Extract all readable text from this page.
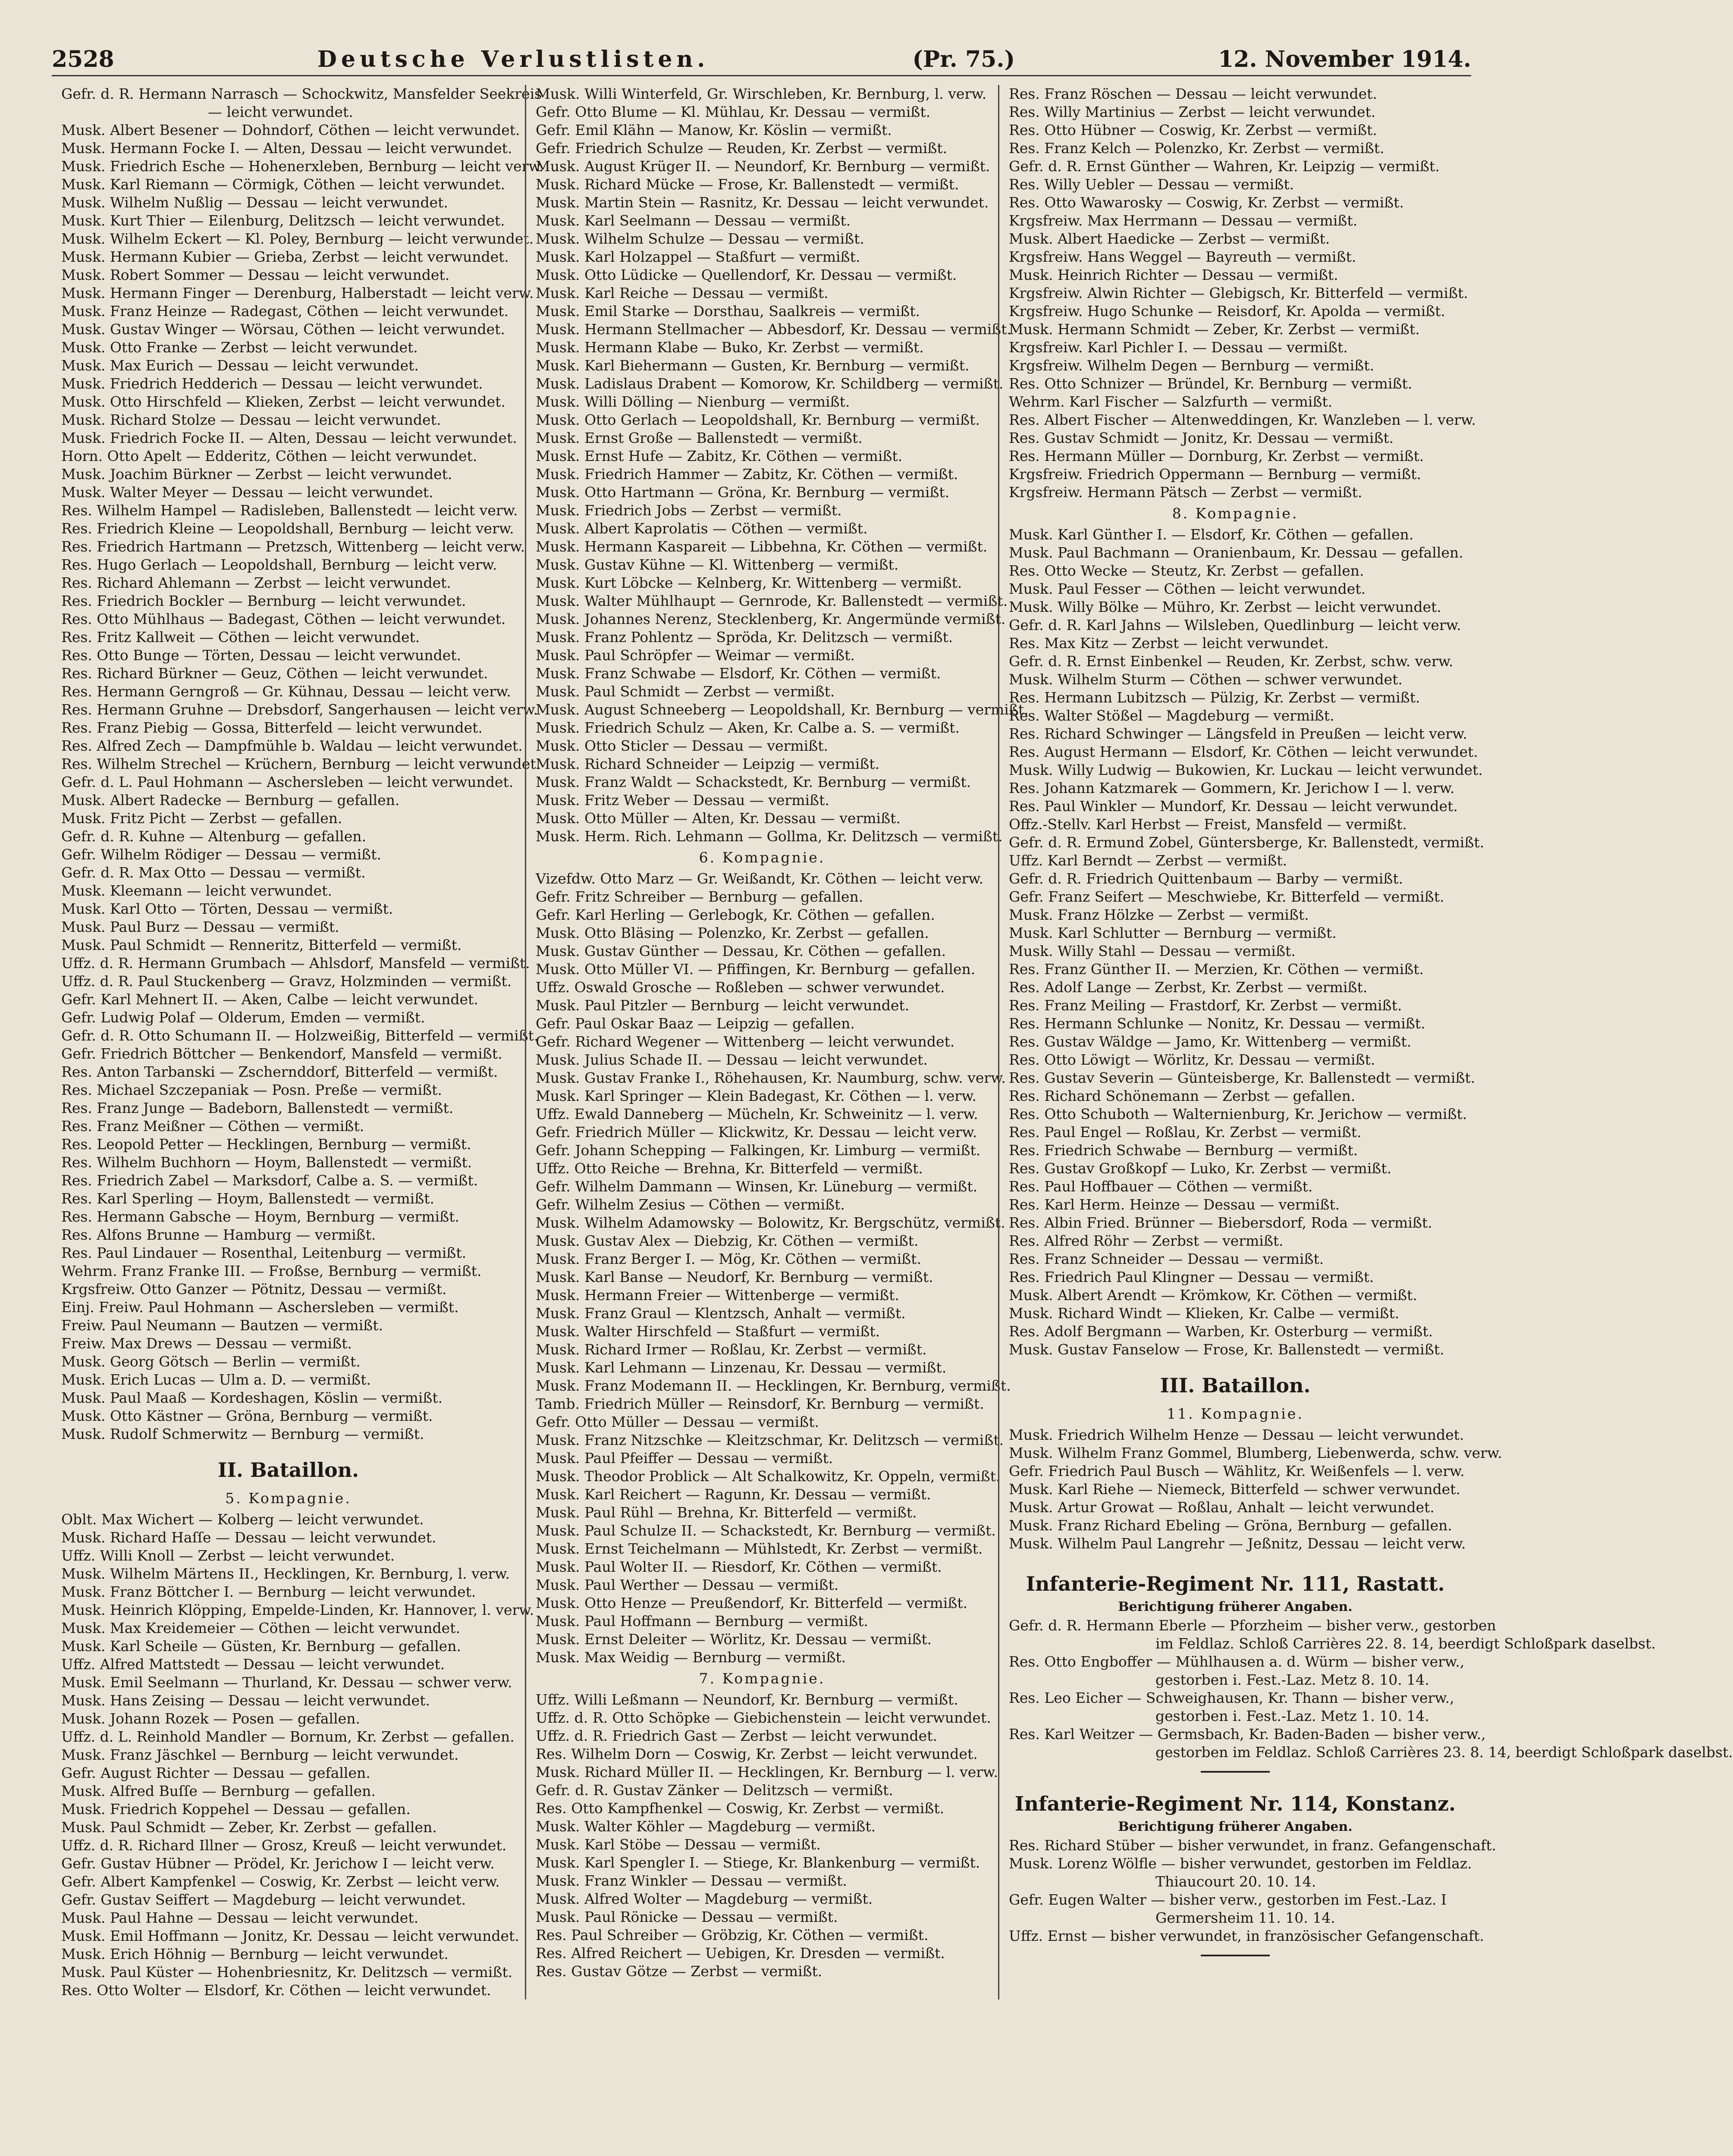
2528	Deutsche Verlustlisten.	(Pr. 75.)	12. November 1914.
Gefr. d. R. Hermann Narrasch — Schockwitz, Mansfelder Seekreis
— leicht verwundet.
Musk. Albert Besener — Dohndorf, Cöthen — leicht verwundet.
Musk. Hermann Focke I. — Alten, Dessau — leicht verwundet.
Musk. Friedrich Esche — Hohenerxleben, Bernburg — leicht verw.
Musk. Karl Riemann — Cörmigk, Cöthen — leicht verwundet.
Musk. Wilhelm Nußlig — Dessau — leicht verwundet.
Musk. Kurt Thier — Eilenburg, Delitzsch — leicht verwundet.
Musk. Wilhelm Eckert — Kl. Poley, Bernburg — leicht verwundet.
Musk. Hermann Kubier — Grieba, Zerbst — leicht verwundet.
Musk. Robert Sommer — Dessau — leicht verwundet.
Musk. Hermann Finger — Derenburg, Halberstadt — leicht verw.
Musk. Franz Heinze — Radegast, Cöthen — leicht verwundet.
Musk. Gustav Winger — Wörsau, Cöthen — leicht verwundet.
Musk. Otto Franke — Zerbst — leicht verwundet.
Musk. Max Eurich — Dessau — leicht verwundet.
Musk. Friedrich Hedderich — Dessau — leicht verwundet.
Musk. Otto Hirschfeld — Klieken, Zerbst — leicht verwundet.
Musk. Richard Stolze — Dessau — leicht verwundet.
Musk. Friedrich Focke II. — Alten, Dessau — leicht verwundet.
Horn. Otto Apelt — Edderitz, Cöthen — leicht verwundet.
Musk. Joachim Bürkner — Zerbst — leicht verwundet.
Musk. Walter Meyer — Dessau — leicht verwundet.
Res. Wilhelm Hampel — Radisleben, Ballenstedt — leicht verw.
Res. Friedrich Kleine — Leopoldshall, Bernburg — leicht verw.
Res. Friedrich Hartmann — Pretzsch, Wittenberg — leicht verw.
Res. Hugo Gerlach — Leopoldshall, Bernburg — leicht verw.
Res. Richard Ahlemann — Zerbst — leicht verwundet.
Res. Friedrich Bockler — Bernburg — leicht verwundet.
Res. Otto Mühlhaus — Badegast, Cöthen — leicht verwundet.
Res. Fritz Kallweit — Cöthen — leicht verwundet.
Res. Otto Bunge — Törten, Dessau — leicht verwundet.
Res. Richard Bürkner — Geuz, Cöthen — leicht verwundet.
Res. Hermann Gerngroß — Gr. Kühnau, Dessau — leicht verw.
Res. Hermann Gruhne — Drebsdorf, Sangerhausen — leicht verw.
Res. Franz Piebig — Gossa, Bitterfeld — leicht verwundet.
Res. Alfred Zech — Dampfmühle b. Waldau — leicht verwundet.
Res. Wilhelm Strechel — Krüchern, Bernburg — leicht verwundet.
Gefr. d. L. Paul Hohmann — Aschersleben — leicht verwundet.
Musk. Albert Radecke — Bernburg — gefallen.
Musk. Fritz Picht — Zerbst — gefallen.
Gefr. d. R. Kuhne — Altenburg — gefallen.
Gefr. Wilhelm Rödiger — Dessau — vermißt.
Gefr. d. R. Max Otto — Dessau — vermißt.
Musk. Kleemann — leicht verwundet.
Musk. Karl Otto — Törten, Dessau — vermißt.
Musk. Paul Burz — Dessau — vermißt.
Musk. Paul Schmidt — Renneritz, Bitterfeld — vermißt.
Uffz. d. R. Hermann Grumbach — Ahlsdorf, Mansfeld — vermißt.
Uffz. d. R. Paul Stuckenberg — Gravz, Holzminden — vermißt.
Gefr. Karl Mehnert II. — Aken, Calbe — leicht verwundet.
Gefr. Ludwig Polaf — Olderum, Emden — vermißt.
Gefr. d. R. Otto Schumann II. — Holzweißig, Bitterfeld — vermißt.
Gefr. Friedrich Böttcher — Benkendorf, Mansfeld — vermißt.
Res. Anton Tarbanski — Zschernddorf, Bitterfeld — vermißt.
Res. Michael Szczepaniak — Posn. Preße — vermißt.
Res. Franz Junge — Badeborn, Ballenstedt — vermißt.
Res. Franz Meißner — Cöthen — vermißt.
Res. Leopold Petter — Hecklingen, Bernburg — vermißt.
Res. Wilhelm Buchhorn — Hoym, Ballenstedt — vermißt.
Res. Friedrich Zabel — Marksdorf, Calbe a. S. — vermißt.
Res. Karl Sperling — Hoym, Ballenstedt — vermißt.
Res. Hermann Gabsche — Hoym, Bernburg — vermißt.
Res. Alfons Brunne — Hamburg — vermißt.
Res. Paul Lindauer — Rosenthal, Leitenburg — vermißt.
Wehrm. Franz Franke III. — Froßse, Bernburg — vermißt.
Krgsfreiw. Otto Ganzer — Pötnitz, Dessau — vermißt.
Einj. Freiw. Paul Hohmann — Aschersleben — vermißt.
Freiw. Paul Neumann — Bautzen — vermißt.
Freiw. Max Drews — Dessau — vermißt.
Musk. Georg Götsch — Berlin — vermißt.
Musk. Erich Lucas — Ulm a. D. — vermißt.
Musk. Paul Maaß — Kordeshagen, Köslin — vermißt.
Musk. Otto Kästner — Gröna, Bernburg — vermißt.
Musk. Rudolf Schmerwitz — Bernburg — vermißt.
II. Bataillon.
5. Kompagnie.
Oblt. Max Wichert — Kolberg — leicht verwundet.
Musk. Richard Haſſe — Dessau — leicht verwundet.
Uffz. Willi Knoll — Zerbst — leicht verwundet.
Musk. Wilhelm Märtens II., Hecklingen, Kr. Bernburg, l. verw.
Musk. Franz Böttcher I. — Bernburg — leicht verwundet.
Musk. Heinrich Klöpping, Empelde-Linden, Kr. Hannover, l. verw.
Musk. Max Kreidemeier — Cöthen — leicht verwundet.
Musk. Karl Scheile — Güsten, Kr. Bernburg — gefallen.
Uffz. Alfred Mattstedt — Dessau — leicht verwundet.
Musk. Emil Seelmann — Thurland, Kr. Dessau — schwer verw.
Musk. Hans Zeising — Dessau — leicht verwundet.
Musk. Johann Rozek — Posen — gefallen.
Uffz. d. L. Reinhold Mandler — Bornum, Kr. Zerbst — gefallen.
Musk. Franz Jäschkel — Bernburg — leicht verwundet.
Gefr. August Richter — Dessau — gefallen.
Musk. Alfred Buſſe — Bernburg — gefallen.
Musk. Friedrich Koppehel — Dessau — gefallen.
Musk. Paul Schmidt — Zeber, Kr. Zerbst — gefallen.
Uffz. d. R. Richard Illner — Grosz, Kreuß — leicht verwundet.
Gefr. Gustav Hübner — Prödel, Kr. Jerichow I — leicht verw.
Gefr. Albert Kampfenkel — Coswig, Kr. Zerbst — leicht verw.
Gefr. Gustav Seiffert — Magdeburg — leicht verwundet.
Musk. Paul Hahne — Dessau — leicht verwundet.
Musk. Emil Hoffmann — Jonitz, Kr. Dessau — leicht verwundet.
Musk. Erich Höhnig — Bernburg — leicht verwundet.
Musk. Paul Küster — Hohenbriesnitz, Kr. Delitzsch — vermißt.
Res. Otto Wolter — Elsdorf, Kr. Cöthen — leicht verwundet.
Musk. Willi Winterfeld, Gr. Wirschleben, Kr. Bernburg, l. verw.
Gefr. Otto Blume — Kl. Mühlau, Kr. Dessau — vermißt.
Gefr. Emil Klähn — Manow, Kr. Köslin — vermißt.
Gefr. Friedrich Schulze — Reuden, Kr. Zerbst — vermißt.
Musk. August Krüger II. — Neundorf, Kr. Bernburg — vermißt.
Musk. Richard Mücke — Frose, Kr. Ballenstedt — vermißt.
Musk. Martin Stein — Rasnitz, Kr. Dessau — leicht verwundet.
Musk. Karl Seelmann — Dessau — vermißt.
Musk. Wilhelm Schulze — Dessau — vermißt.
Musk. Karl Holzappel — Staßfurt — vermißt.
Musk. Otto Lüdicke — Quellendorf, Kr. Dessau — vermißt.
Musk. Karl Reiche — Dessau — vermißt.
Musk. Emil Starke — Dorsthau, Saalkreis — vermißt.
Musk. Hermann Stellmacher — Abbesdorf, Kr. Dessau — vermißt.
Musk. Hermann Klabe — Buko, Kr. Zerbst — vermißt.
Musk. Karl Biehermann — Gusten, Kr. Bernburg — vermißt.
Musk. Ladislaus Drabent — Komorow, Kr. Schildberg — vermißt.
Musk. Willi Dölling — Nienburg — vermißt.
Musk. Otto Gerlach — Leopoldshall, Kr. Bernburg — vermißt.
Musk. Ernst Große — Ballenstedt — vermißt.
Musk. Ernst Hufe — Zabitz, Kr. Cöthen — vermißt.
Musk. Friedrich Hammer — Zabitz, Kr. Cöthen — vermißt.
Musk. Otto Hartmann — Gröna, Kr. Bernburg — vermißt.
Musk. Friedrich Jobs — Zerbst — vermißt.
Musk. Albert Kaprolatis — Cöthen — vermißt.
Musk. Hermann Kaspareit — Libbehna, Kr. Cöthen — vermißt.
Musk. Gustav Kühne — Kl. Wittenberg — vermißt.
Musk. Kurt Löbcke — Kelnberg, Kr. Wittenberg — vermißt.
Musk. Walter Mühlhaupt — Gernrode, Kr. Ballenstedt — vermißt.
Musk. Johannes Nerenz, Stecklenberg, Kr. Angermünde vermißt.
Musk. Franz Pohlentz — Spröda, Kr. Delitzsch — vermißt.
Musk. Paul Schröpfer — Weimar — vermißt.
Musk. Franz Schwabe — Elsdorf, Kr. Cöthen — vermißt.
Musk. Paul Schmidt — Zerbst — vermißt.
Musk. August Schneeberg — Leopoldshall, Kr. Bernburg — vermißt.
Musk. Friedrich Schulz — Aken, Kr. Calbe a. S. — vermißt.
Musk. Otto Sticler — Dessau — vermißt.
Musk. Richard Schneider — Leipzig — vermißt.
Musk. Franz Waldt — Schackstedt, Kr. Bernburg — vermißt.
Musk. Fritz Weber — Dessau — vermißt.
Musk. Otto Müller — Alten, Kr. Dessau — vermißt.
Musk. Herm. Rich. Lehmann — Gollma, Kr. Delitzsch — vermißt.
6. Kompagnie.
Vizefdw. Otto Marz — Gr. Weißandt, Kr. Cöthen — leicht verw.
Gefr. Fritz Schreiber — Bernburg — gefallen.
Gefr. Karl Herling — Gerlebogk, Kr. Cöthen — gefallen.
Musk. Otto Bläsing — Polenzko, Kr. Zerbst — gefallen.
Musk. Gustav Günther — Dessau, Kr. Cöthen — gefallen.
Musk. Otto Müller VI. — Pfiffingen, Kr. Bernburg — gefallen.
Uffz. Oswald Grosche — Roßleben — schwer verwundet.
Musk. Paul Pitzler — Bernburg — leicht verwundet.
Gefr. Paul Oskar Baaz — Leipzig — gefallen.
Gefr. Richard Wegener — Wittenberg — leicht verwundet.
Musk. Julius Schade II. — Dessau — leicht verwundet.
Musk. Gustav Franke I., Röhehausen, Kr. Naumburg, schw. verw.
Musk. Karl Springer — Klein Badegast, Kr. Cöthen — l. verw.
Uffz. Ewald Danneberg — Mücheln, Kr. Schweinitz — l. verw.
Gefr. Friedrich Müller — Klickwitz, Kr. Dessau — leicht verw.
Gefr. Johann Schepping — Falkingen, Kr. Limburg — vermißt.
Uffz. Otto Reiche — Brehna, Kr. Bitterfeld — vermißt.
Gefr. Wilhelm Dammann — Winsen, Kr. Lüneburg — vermißt.
Gefr. Wilhelm Zesius — Cöthen — vermißt.
Musk. Wilhelm Adamowsky — Bolowitz, Kr. Bergschütz, vermißt.
Musk. Gustav Alex — Diebzig, Kr. Cöthen — vermißt.
Musk. Franz Berger I. — Mög, Kr. Cöthen — vermißt.
Musk. Karl Banse — Neudorf, Kr. Bernburg — vermißt.
Musk. Hermann Freier — Wittenberge — vermißt.
Musk. Franz Graul — Klentzsch, Anhalt — vermißt.
Musk. Walter Hirschfeld — Staßfurt — vermißt.
Musk. Richard Irmer — Roßlau, Kr. Zerbst — vermißt.
Musk. Karl Lehmann — Linzenau, Kr. Dessau — vermißt.
Musk. Franz Modemann II. — Hecklingen, Kr. Bernburg, vermißt.
Tamb. Friedrich Müller — Reinsdorf, Kr. Bernburg — vermißt.
Gefr. Otto Müller — Dessau — vermißt.
Musk. Franz Nitzschke — Kleitzschmar, Kr. Delitzsch — vermißt.
Musk. Paul Pfeiffer — Dessau — vermißt.
Musk. Theodor Problick — Alt Schalkowitz, Kr. Oppeln, vermißt.
Musk. Karl Reichert — Ragunn, Kr. Dessau — vermißt.
Musk. Paul Rühl — Brehna, Kr. Bitterfeld — vermißt.
Musk. Paul Schulze II. — Schackstedt, Kr. Bernburg — vermißt.
Musk. Ernst Teichelmann — Mühlstedt, Kr. Zerbst — vermißt.
Musk. Paul Wolter II. — Riesdorf, Kr. Cöthen — vermißt.
Musk. Paul Werther — Dessau — vermißt.
Musk. Otto Henze — Preußendorf, Kr. Bitterfeld — vermißt.
Musk. Paul Hoffmann — Bernburg — vermißt.
Musk. Ernst Deleiter — Wörlitz, Kr. Dessau — vermißt.
Musk. Max Weidig — Bernburg — vermißt.
7. Kompagnie.
Uffz. Willi Leßmann — Neundorf, Kr. Bernburg — vermißt.
Uffz. d. R. Otto Schöpke — Giebichenstein — leicht verwundet.
Uffz. d. R. Friedrich Gast — Zerbst — leicht verwundet.
Res. Wilhelm Dorn — Coswig, Kr. Zerbst — leicht verwundet.
Musk. Richard Müller II. — Hecklingen, Kr. Bernburg — l. verw.
Gefr. d. R. Gustav Zänker — Delitzsch — vermißt.
Res. Otto Kampfhenkel — Coswig, Kr. Zerbst — vermißt.
Musk. Walter Köhler — Magdeburg — vermißt.
Musk. Karl Stöbe — Dessau — vermißt.
Musk. Karl Spengler I. — Stiege, Kr. Blankenburg — vermißt.
Musk. Franz Winkler — Dessau — vermißt.
Musk. Alfred Wolter — Magdeburg — vermißt.
Musk. Paul Rönicke — Dessau — vermißt.
Res. Paul Schreiber — Gröbzig, Kr. Cöthen — vermißt.
Res. Alfred Reichert — Uebigen, Kr. Dresden — vermißt.
Res. Gustav Götze — Zerbst — vermißt.
Res. Franz Röschen — Dessau — leicht verwundet.
Res. Willy Martinius — Zerbst — leicht verwundet.
Res. Otto Hübner — Coswig, Kr. Zerbst — vermißt.
Res. Franz Kelch — Polenzko, Kr. Zerbst — vermißt.
Gefr. d. R. Ernst Günther — Wahren, Kr. Leipzig — vermißt.
Res. Willy Uebler — Dessau — vermißt.
Res. Otto Wawarosky — Coswig, Kr. Zerbst — vermißt.
Krgsfreiw. Max Herrmann — Dessau — vermißt.
Musk. Albert Haedicke — Zerbst — vermißt.
Krgsfreiw. Hans Weggel — Bayreuth — vermißt.
Musk. Heinrich Richter — Dessau — vermißt.
Krgsfreiw. Alwin Richter — Glebigsch, Kr. Bitterfeld — vermißt.
Krgsfreiw. Hugo Schunke — Reisdorf, Kr. Apolda — vermißt.
Musk. Hermann Schmidt — Zeber, Kr. Zerbst — vermißt.
Krgsfreiw. Karl Pichler I. — Dessau — vermißt.
Krgsfreiw. Wilhelm Degen — Bernburg — vermißt.
Res. Otto Schnizer — Bründel, Kr. Bernburg — vermißt.
Wehrm. Karl Fischer — Salzfurth — vermißt.
Res. Albert Fischer — Altenweddingen, Kr. Wanzleben — l. verw.
Res. Gustav Schmidt — Jonitz, Kr. Dessau — vermißt.
Res. Hermann Müller — Dornburg, Kr. Zerbst — vermißt.
Krgsfreiw. Friedrich Oppermann — Bernburg — vermißt.
Krgsfreiw. Hermann Pätsch — Zerbst — vermißt.
8. Kompagnie.
Musk. Karl Günther I. — Elsdorf, Kr. Cöthen — gefallen.
Musk. Paul Bachmann — Oranienbaum, Kr. Dessau — gefallen.
Res. Otto Wecke — Steutz, Kr. Zerbst — gefallen.
Musk. Paul Fesser — Cöthen — leicht verwundet.
Musk. Willy Bölke — Mühro, Kr. Zerbst — leicht verwundet.
Gefr. d. R. Karl Jahns — Wilsleben, Quedlinburg — leicht verw.
Res. Max Kitz — Zerbst — leicht verwundet.
Gefr. d. R. Ernst Einbenkel — Reuden, Kr. Zerbst, schw. verw.
Musk. Wilhelm Sturm — Cöthen — schwer verwundet.
Res. Hermann Lubitzsch — Pülzig, Kr. Zerbst — vermißt.
Res. Walter Stößel — Magdeburg — vermißt.
Res. Richard Schwinger — Längsfeld in Preußen — leicht verw.
Res. August Hermann — Elsdorf, Kr. Cöthen — leicht verwundet.
Musk. Willy Ludwig — Bukowien, Kr. Luckau — leicht verwundet.
Res. Johann Katzmarek — Gommern, Kr. Jerichow I — l. verw.
Res. Paul Winkler — Mundorf, Kr. Dessau — leicht verwundet.
Offz.-Stellv. Karl Herbst — Freist, Mansfeld — vermißt.
Gefr. d. R. Ermund Zobel, Güntersberge, Kr. Ballenstedt, vermißt.
Uffz. Karl Berndt — Zerbst — vermißt.
Gefr. d. R. Friedrich Quittenbaum — Barby — vermißt.
Gefr. Franz Seifert — Meschwiebe, Kr. Bitterfeld — vermißt.
Musk. Franz Hölzke — Zerbst — vermißt.
Musk. Karl Schlutter — Bernburg — vermißt.
Musk. Willy Stahl — Dessau — vermißt.
Res. Franz Günther II. — Merzien, Kr. Cöthen — vermißt.
Res. Adolf Lange — Zerbst, Kr. Zerbst — vermißt.
Res. Franz Meiling — Frastdorf, Kr. Zerbst — vermißt.
Res. Hermann Schlunke — Nonitz, Kr. Dessau — vermißt.
Res. Gustav Wäldge — Jamo, Kr. Wittenberg — vermißt.
Res. Otto Löwigt — Wörlitz, Kr. Dessau — vermißt.
Res. Gustav Severin — Günteisberge, Kr. Ballenstedt — vermißt.
Res. Richard Schönemann — Zerbst — gefallen.
Res. Otto Schuboth — Walternienburg, Kr. Jerichow — vermißt.
Res. Paul Engel — Roßlau, Kr. Zerbst — vermißt.
Res. Friedrich Schwabe — Bernburg — vermißt.
Res. Gustav Großkopf — Luko, Kr. Zerbst — vermißt.
Res. Paul Hoffbauer — Cöthen — vermißt.
Res. Karl Herm. Heinze — Dessau — vermißt.
Res. Albin Fried. Brünner — Biebersdorf, Roda — vermißt.
Res. Alfred Röhr — Zerbst — vermißt.
Res. Franz Schneider — Dessau — vermißt.
Res. Friedrich Paul Klingner — Dessau — vermißt.
Musk. Albert Arendt — Krömkow, Kr. Cöthen — vermißt.
Musk. Richard Windt — Klieken, Kr. Calbe — vermißt.
Res. Adolf Bergmann — Warben, Kr. Osterburg — vermißt.
Musk. Gustav Fanselow — Frose, Kr. Ballenstedt — vermißt.
III. Bataillon.
11. Kompagnie.
Musk. Friedrich Wilhelm Henze — Dessau — leicht verwundet.
Musk. Wilhelm Franz Gommel, Blumberg, Liebenwerda, schw. verw.
Gefr. Friedrich Paul Busch — Wählitz, Kr. Weißenfels — l. verw.
Musk. Karl Riehe — Niemeck, Bitterfeld — schwer verwundet.
Musk. Artur Growat — Roßlau, Anhalt — leicht verwundet.
Musk. Franz Richard Ebeling — Gröna, Bernburg — gefallen.
Musk. Wilhelm Paul Langrehr — Jeßnitz, Dessau — leicht verw.
Infanterie-Regiment Nr. 111, Rastatt.
Berichtigung früherer Angaben.
Gefr. d. R. Hermann Eberle — Pforzheim — bisher verw., gestorben
im Feldlaz. Schloß Carrières 22. 8. 14, beerdigt Schloßpark daselbst.
Res. Otto Engboffer — Mühlhausen a. d. Würm — bisher verw.,
gestorben i. Fest.-Laz. Metz 8. 10. 14.
Res. Leo Eicher — Schweighausen, Kr. Thann — bisher verw.,
gestorben i. Fest.-Laz. Metz 1. 10. 14.
Res. Karl Weitzer — Germsbach, Kr. Baden-Baden — bisher verw.,
gestorben im Feldlaz. Schloß Carrières 23. 8. 14, beerdigt Schloßpark daselbst.
Infanterie-Regiment Nr. 114, Konstanz.
Berichtigung früherer Angaben.
Res. Richard Stüber — bisher verwundet, in franz. Gefangenschaft.
Musk. Lorenz Wölfle — bisher verwundet, gestorben im Feldlaz.
Thiaucourt 20. 10. 14.
Gefr. Eugen Walter — bisher verw., gestorben im Fest.-Laz. I
Germersheim 11. 10. 14.
Uffz. Ernst — bisher verwundet, in französischer Gefangenschaft.
